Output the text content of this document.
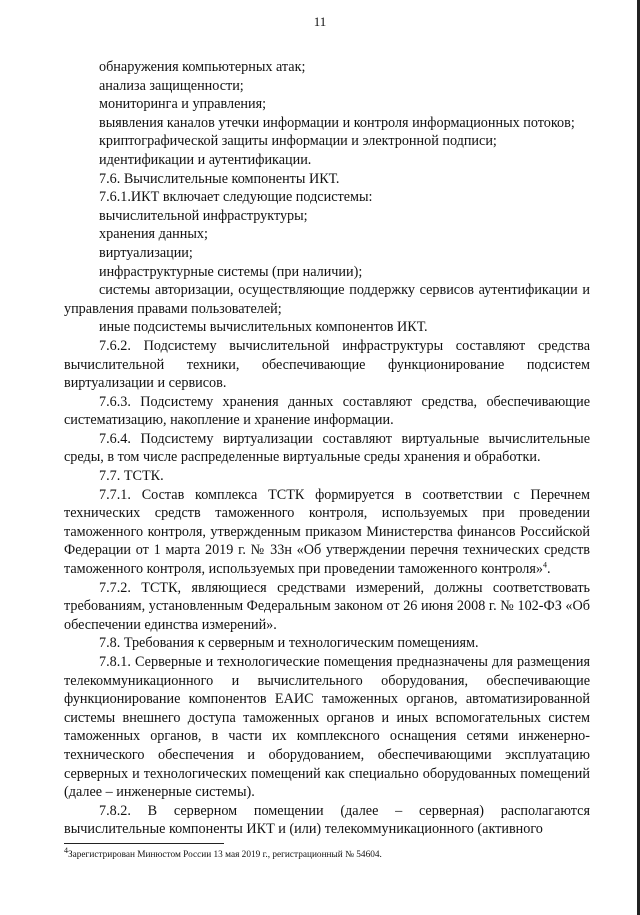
11

обнаружения компьютерных атак;

анализа защищенности;

мониторинга и управления;

выявления каналов утечки информации и контроля информационных потоков;

криптографической защиты информации и электронной подписи;

идентификации и аутентификации.

7.6. Вычислительные компоненты ИКТ.

7.6.1.ИКТ включает следующие подсистемы:

вычислительной инфраструктуры;

хранения данных;

виртуализации;

инфраструктурные системы (при наличии);

системы авторизации, осуществляющие поддержку сервисов аутентификации и управления правами пользователей;

иные подсистемы вычислительных компонентов ИКТ.

7.6.2. Подсистему вычислительной инфраструктуры составляют средства вычислительной техники, обеспечивающие функционирование подсистем виртуализации и сервисов.

7.6.3. Подсистему хранения данных составляют средства, обеспечивающие систематизацию, накопление и хранение информации.

7.6.4. Подсистему виртуализации составляют виртуальные вычислительные среды, в том числе распределенные виртуальные среды хранения и обработки.

7.7. ТСТК.

7.7.1. Состав комплекса ТСТК формируется в соответствии с Перечнем технических средств таможенного контроля, используемых при проведении таможенного контроля, утвержденным приказом Министерства финансов Российской Федерации от 1 марта 2019 г. № 33н «Об утверждении перечня технических средств таможенного контроля, используемых при проведении таможенного контроля»$^4$.

7.7.2. ТСТК, являющиеся средствами измерений, должны соответствовать требованиям, установленным Федеральным законом от 26 июня 2008 г. № 102-ФЗ «Об обеспечении единства измерений».

7.8. Требования к серверным и технологическим помещениям.

7.8.1. Серверные и технологические помещения предназначены для размещения телекоммуникационного и вычислительного оборудования, обеспечивающие функционирование компонентов ЕАИС таможенных органов, автоматизированной системы внешнего доступа таможенных органов и иных вспомогательных систем таможенных органов, в части их комплексного оснащения сетями инженерно-технического обеспечения и оборудованием, обеспечивающими эксплуатацию серверных и технологических помещений как специально оборудованных помещений (далее – инженерные системы).

7.8.2. В серверном помещении (далее – серверная) располагаются вычислительные компоненты ИКТ и (или) телекоммуникационного (активного

$^4$Зарегистрирован Минюстом России 13 мая 2019 г., регистрационный № 54604.
